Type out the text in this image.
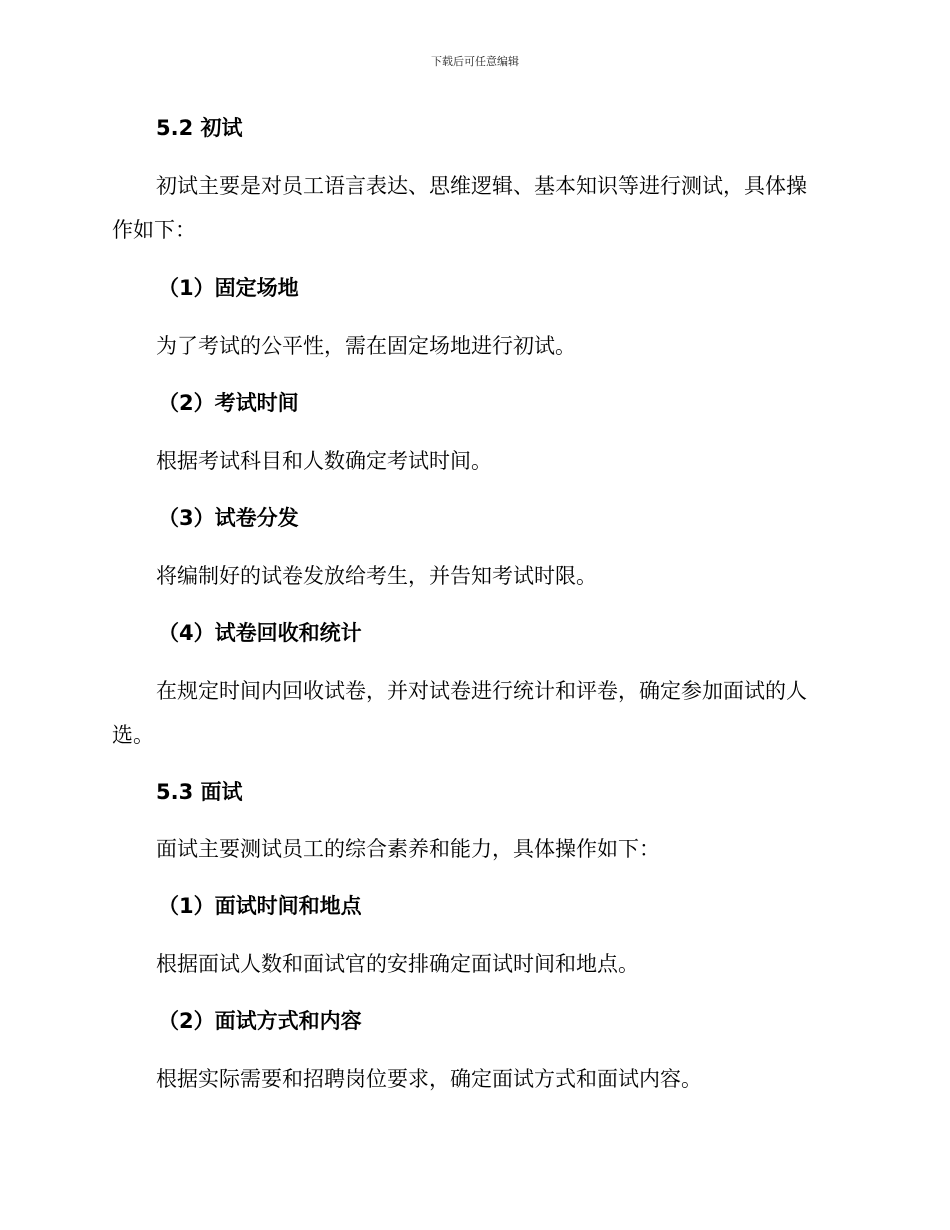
下载后可任意编辑
5.2 初试
初试主要是对员工语言表达、思维逻辑、基本知识等进行测试，具体操
作如下：
（1）固定场地
为了考试的公平性，需在固定场地进行初试。
（2）考试时间
根据考试科目和人数确定考试时间。
（3）试卷分发
将编制好的试卷发放给考生，并告知考试时限。
（4）试卷回收和统计
在规定时间内回收试卷，并对试卷进行统计和评卷，确定参加面试的人
选。
5.3 面试
面试主要测试员工的综合素养和能力，具体操作如下：
（1）面试时间和地点
根据面试人数和面试官的安排确定面试时间和地点。
（2）面试方式和内容
根据实际需要和招聘岗位要求，确定面试方式和面试内容。
